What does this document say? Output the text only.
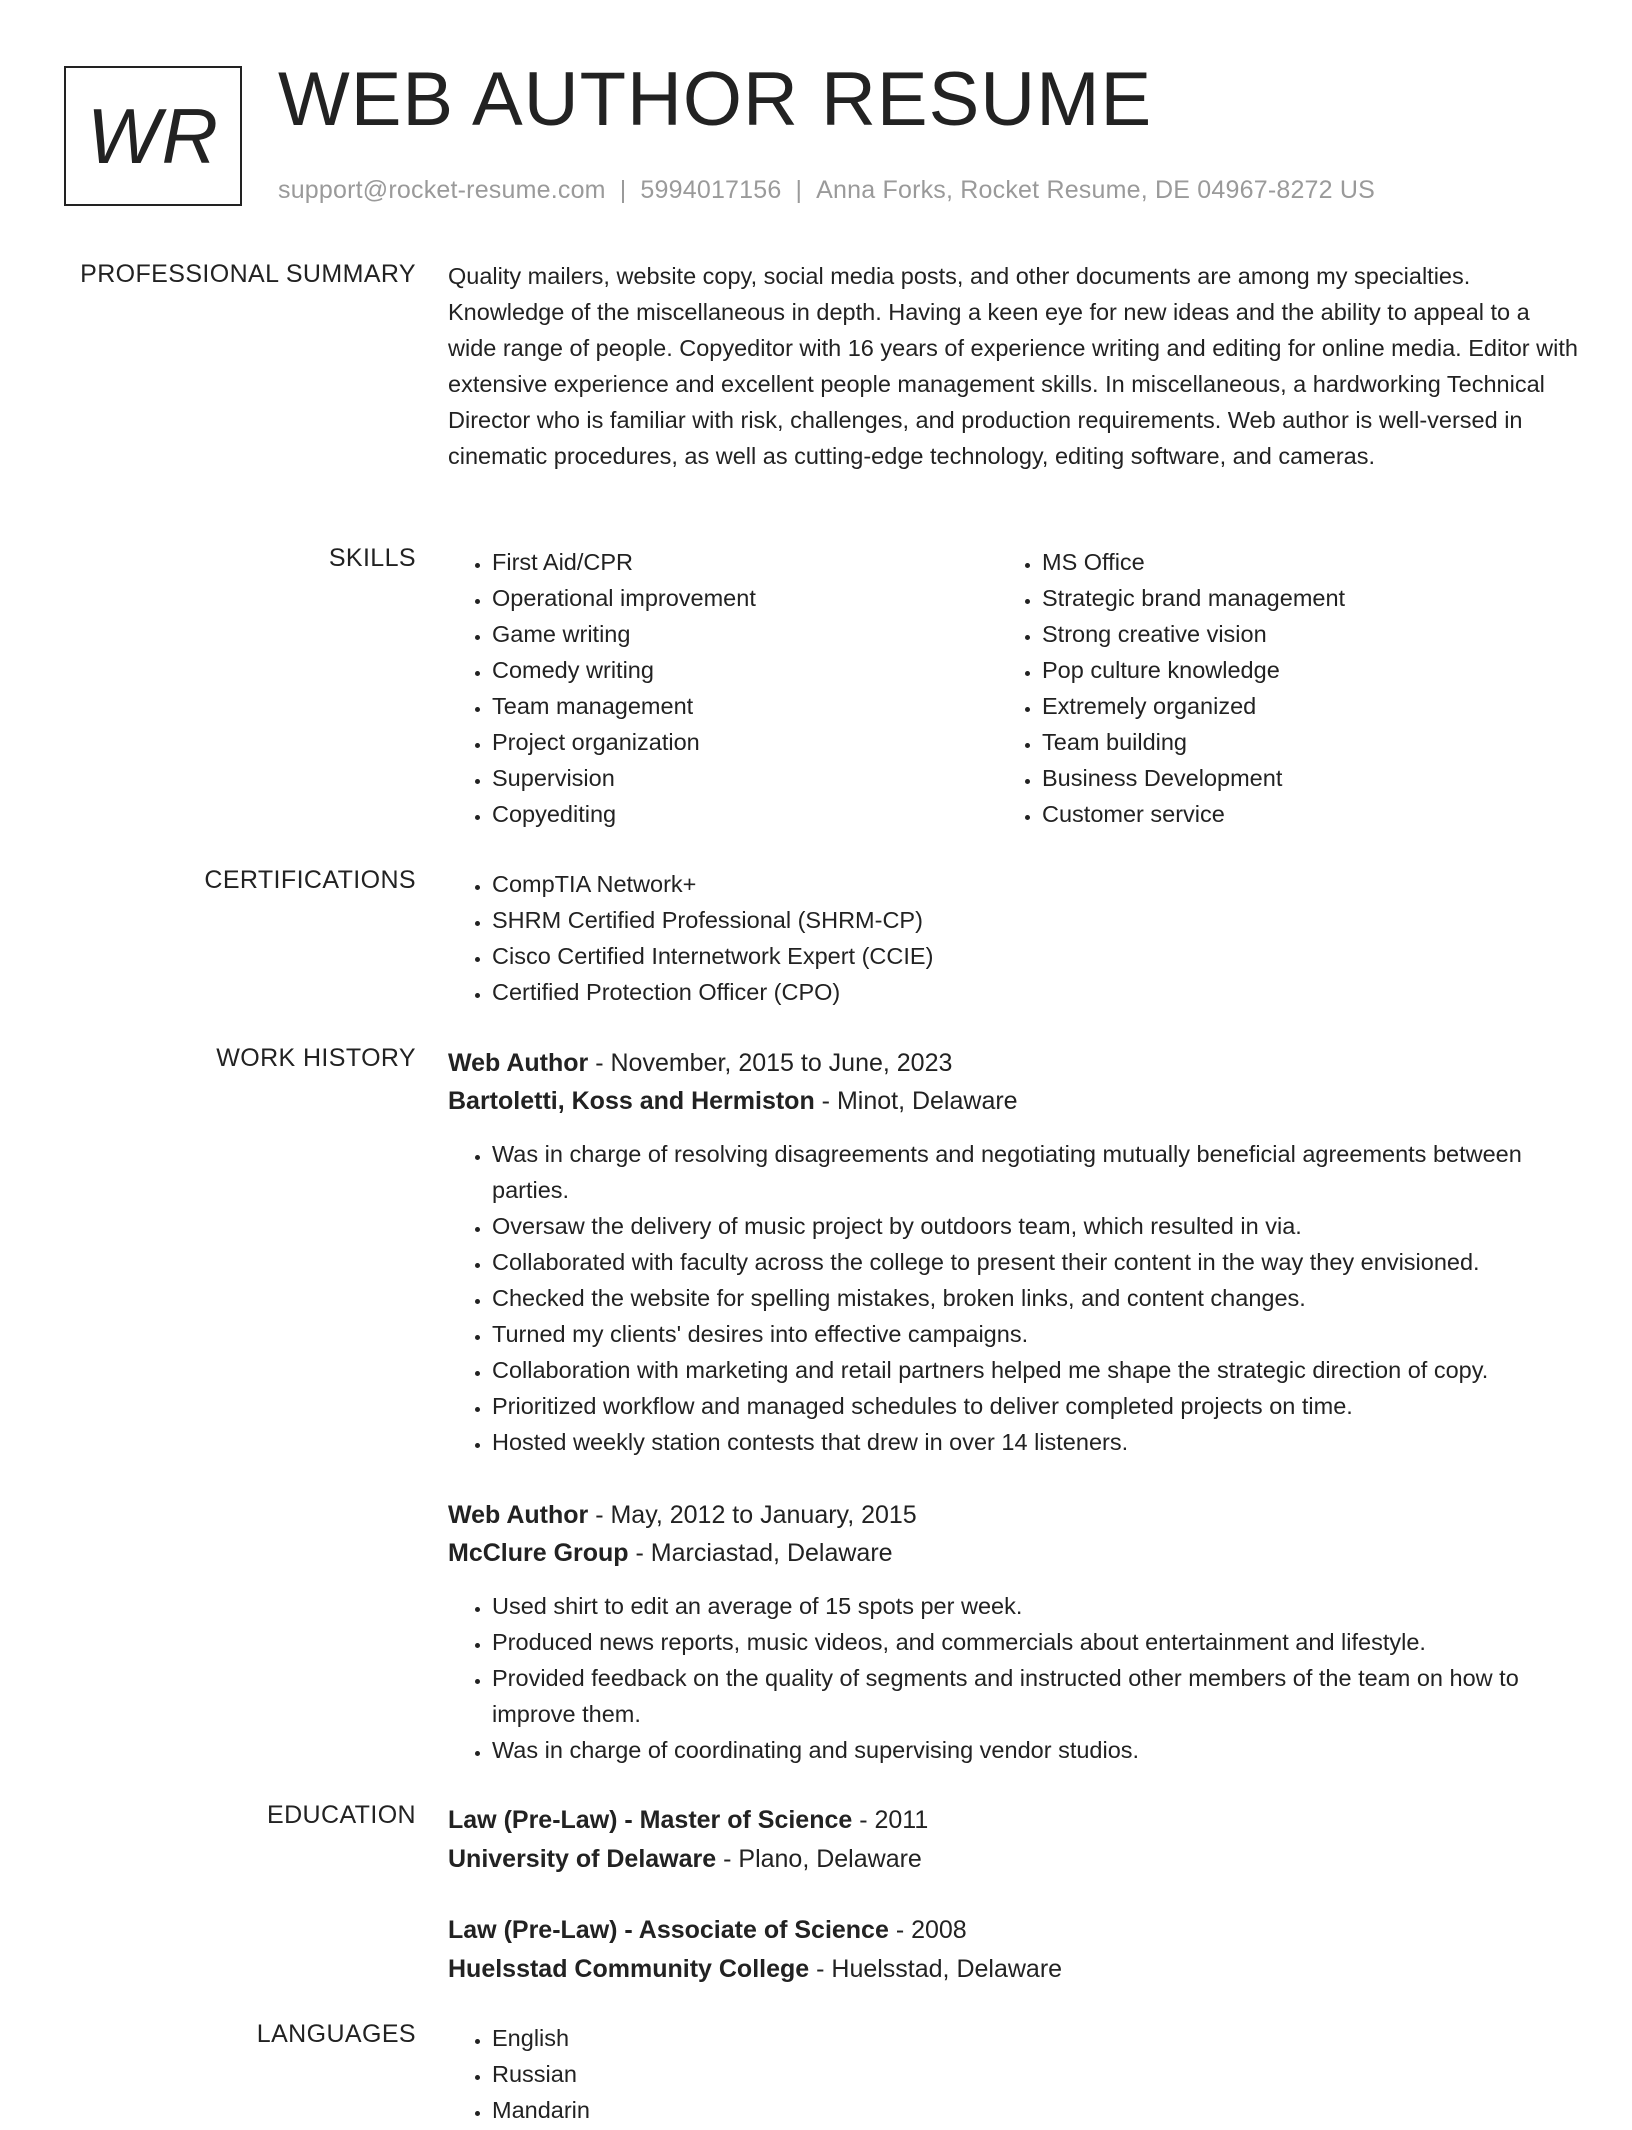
WR WEB AUTHOR RESUME
support@rocket-resume.com | 5994017156 | Anna Forks, Rocket Resume, DE 04967-8272 US
PROFESSIONAL SUMMARY Quality mailers, website copy, social media posts, and other documents are among my specialties. Knowledge of the miscellaneous in depth. Having a keen eye for new ideas and the ability to appeal to a wide range of people. Copyeditor with 16 years of experience writing and editing for online media. Editor with extensive experience and excellent people management skills. In miscellaneous, a hardworking Technical Director who is familiar with risk, challenges, and production requirements. Web author is well-versed in cinematic procedures, as well as cutting-edge technology, editing software, and cameras.

SKILLS	• First Aid/CPR
• Operational improvement
• Game writing
• Comedy writing
• Team management
• Project organization
• Supervision
• Copyediting
• MS Office
• Strategic brand management
• Strong creative vision
• Pop culture knowledge
• Extremely organized
• Team building
• Business Development
• Customer service
CERTIFICATIONS	• CompTIA Network+
• SHRM Certified Professional (SHRM-CP)
• Cisco Certified Internetwork Expert (CCIE)
• Certified Protection Officer (CPO)
WORK HISTORY Web Author - November, 2015 to June, 2023
Bartoletti, Koss and Hermiston - Minot, Delaware
• Was in charge of resolving disagreements and negotiating mutually beneficial agreements between parties.
• Oversaw the delivery of music project by outdoors team, which resulted in via.
• Collaborated with faculty across the college to present their content in the way they envisioned.
• Checked the website for spelling mistakes, broken links, and content changes.
• Turned my clients' desires into effective campaigns.
• Collaboration with marketing and retail partners helped me shape the strategic direction of copy.
• Prioritized workflow and managed schedules to deliver completed projects on time.
• Hosted weekly station contests that drew in over 14 listeners.
Web Author - May, 2012 to January, 2015
McClure Group - Marciastad, Delaware
• Used shirt to edit an average of 15 spots per week.
• Produced news reports, music videos, and commercials about entertainment and lifestyle.
• Provided feedback on the quality of segments and instructed other members of the team on how to improve them.
• Was in charge of coordinating and supervising vendor studios.
EDUCATION Law (Pre-Law) - Master of Science - 2011
University of Delaware - Plano, Delaware
Law (Pre-Law) - Associate of Science - 2008
Huelsstad Community College - Huelsstad, Delaware
LANGUAGES	• English
• Russian
• Mandarin
